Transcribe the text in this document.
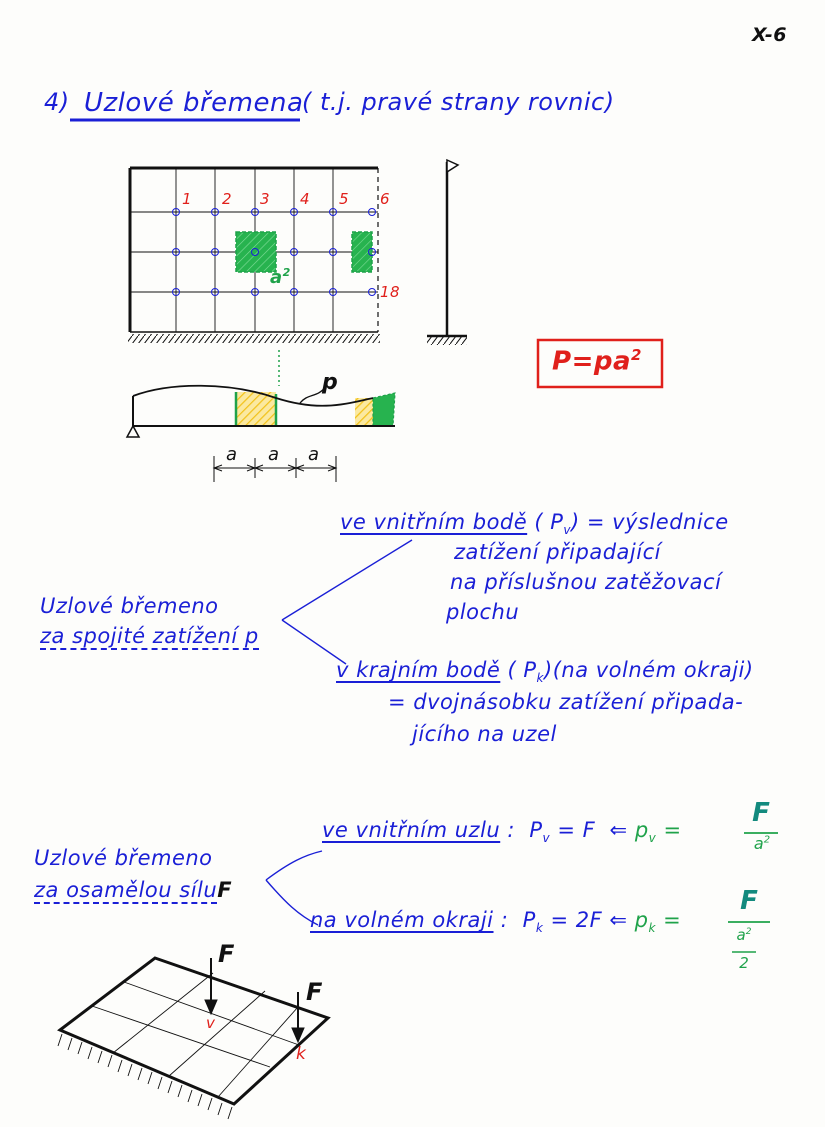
X-6
4) Uzlové břemena
( t.j. pravé strany rovnic)
1 2 3 4 5 6
18
$a^2$
p
a a a
$P=pa^2$
ve vnitřním bodě ( $P_v$) = výslednice
zatížení připadající
na příslušnou zatěžovací
plochu
Uzlové břemeno
za spojité zatížení p
v krajním bodě ( $P_k)(na$ volném okraji)
= dvojnásobku zatížení připada-
jícího na uzel
Uzlové břemeno
za osamělou síluF
ve vnitřním uzlu : $P_v = F$ ⇐ $p_v$ =
F
$a^2$
na volném okraji : $P_k = 2F$ ⇐ $p_k$ =
F
$a^2$
2
F
F
v
k
